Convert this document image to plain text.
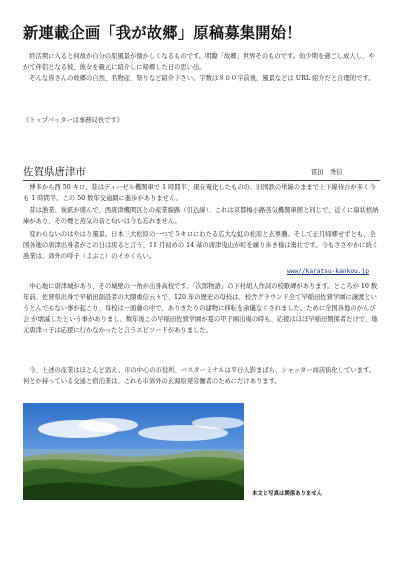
新連載企画「我が故郷」原稿募集開始！
　終活期に入ると何故か自分の原風景が懐かしくなるものです。明瞭「故郷」世界そのものです。幼少期を過ごし成人し、やがて伴侶となる彼、彼女を親元に紹介しに帰郷した日の思い出。
　そんな皆さんの故郷の自然、名物産、祭りなど紹介下さい。字数は８００字前後、風景などは URL 紹介だと合理的です。
《トップバッターは事務局長です》
佐賀県唐津市	冨田　秀信
　博多から西 50 キロ、昔はディーゼル機関車で 1 時間半、現在電化したものの、旧国鉄の単線のままで上下線待合が多く今も 1 時間半。この 50 数年交通網に進歩がありません。
　昔は漁業、炭鉱が盛んで、西唐津機関区との産業線路（引込線）、これは京都梅小路蒸気機関車館と同じで、近くに扇状格納庫があり、その煙と蒸気の音と匂いは今も忘れません。
　変わらないのはやはり風景。日本三大松原の一つで５キロにわたる広大な虹の松原と玄界灘。そして正月帰郷せずとも、全国各地の唐津出身者がこの日は戻ると言う、11 月初めの 14 基の唐津曳山が町を練り歩き様は勇壮です。今もささやかに続く漁業は、郊外の呼子（よぶこ）のイカくらい。
www//karatsu-kankou.jp
　中心地に唐津城があり、その城壁の一角が出身高校です。「次郎物語」の下村胡人作詞の校歌碑があります。ところが 10 数年前、佐賀県出身で早稲田創設者の大隈重信云々で、120 年の歴史の母校は、校舎グラウンド全て早稲田佐賀学園に譲渡というとんでもない事が起こり、母校は一面藤の中で、ありきたりの建物に移転を余儀なくされました。ために全国各地のかんぴ 会 が壊滅したという事がありまし、数年後この早稲田佐賀学園が夏の甲子園出場の時も、応援はほぼ早稲田関係者だけで、地元唐津っ子は応援に行かなかったと言うエピソードがありました。
　今、上述の産業はほとんど消え、市の中心の市役所、バスターミナルは平日人影まばら、シャッター商店街化しています。何とか持っている交通と宿泊業は、これも市郊外の玄海原発労働者のためにだけあります。
本文と写真は関係ありません
